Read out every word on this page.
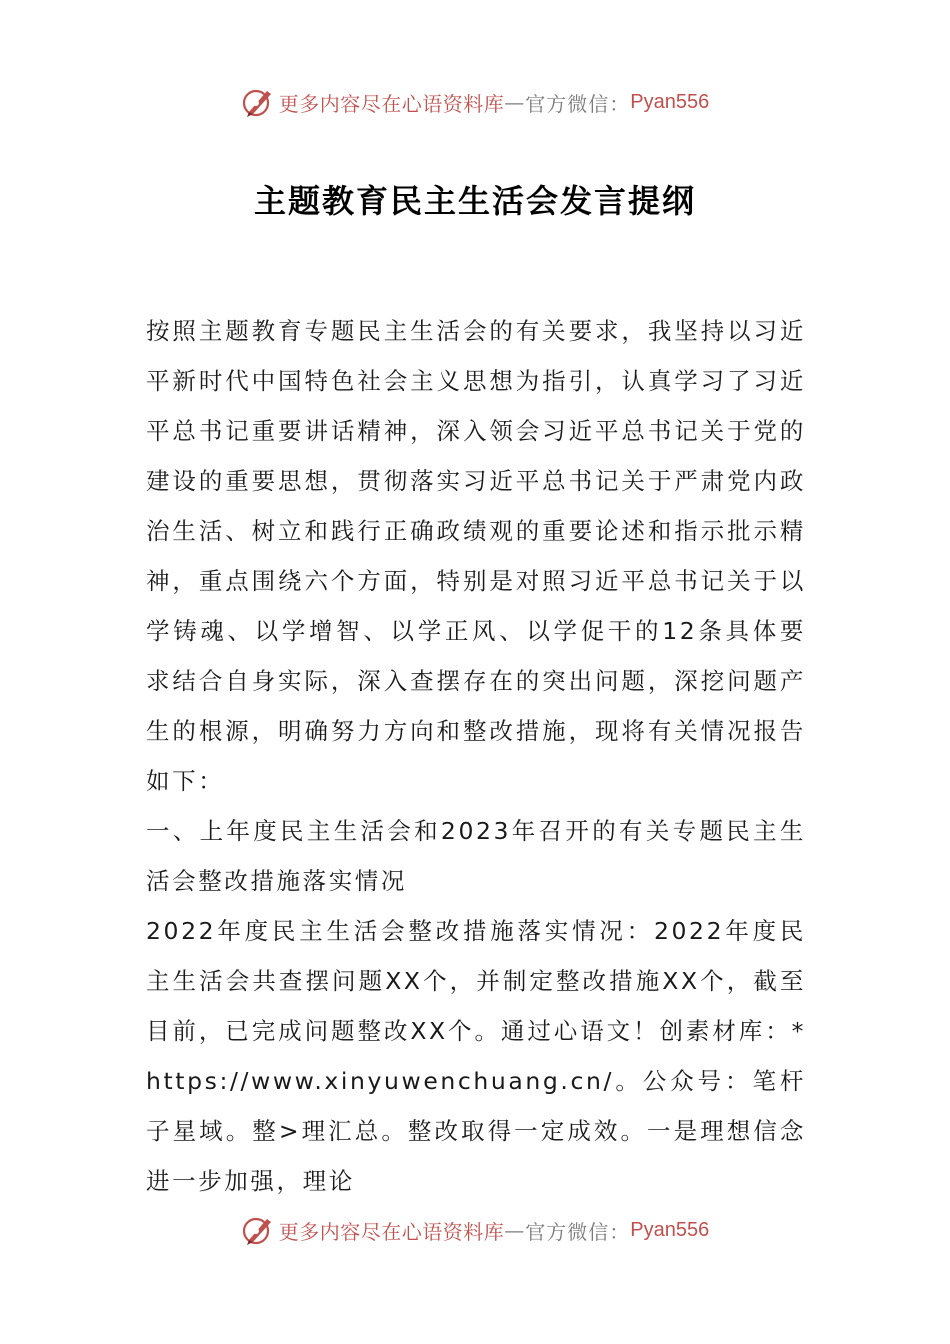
更多内容尽在心语资料库 — 官方微信： Pyan556
主题教育民主生活会发言提纲

按照主题教育专题民主生活会的有关要求，我坚持以习近平新时代中国特色社会主义思想为指引，认真学习了习近平总书记重要讲话精神，深入领会习近平总书记关于党的建设的重要思想，贯彻落实习近平总书记关于严肃党内政治生活、树立和践行正确政绩观的重要论述和指示批示精神，重点围绕六个方面，特别是对照习近平总书记关于以学铸魂、以学增智、以学正风、以学促干的12条具体要求结合自身实际，深入查摆存在的突出问题，深挖问题产生的根源，明确努力方向和整改措施，现将有关情况报告如下：

一、上年度民主生活会和2023年召开的有关专题民主生活会整改措施落实情况

2022年度民主生活会整改措施落实情况：2022年度民主生活会共查摆问题XX个，并制定整改措施XX个，截至目前，已完成问题整改XX个。通过心语文！创素材库：*https://www.xinyuwenchuang.cn/。公众号：笔杆子星域。整>理汇总。整改取得一定成效。一是理想信念进一步加强，理论

更多内容尽在心语资料库 — 官方微信： Pyan556
